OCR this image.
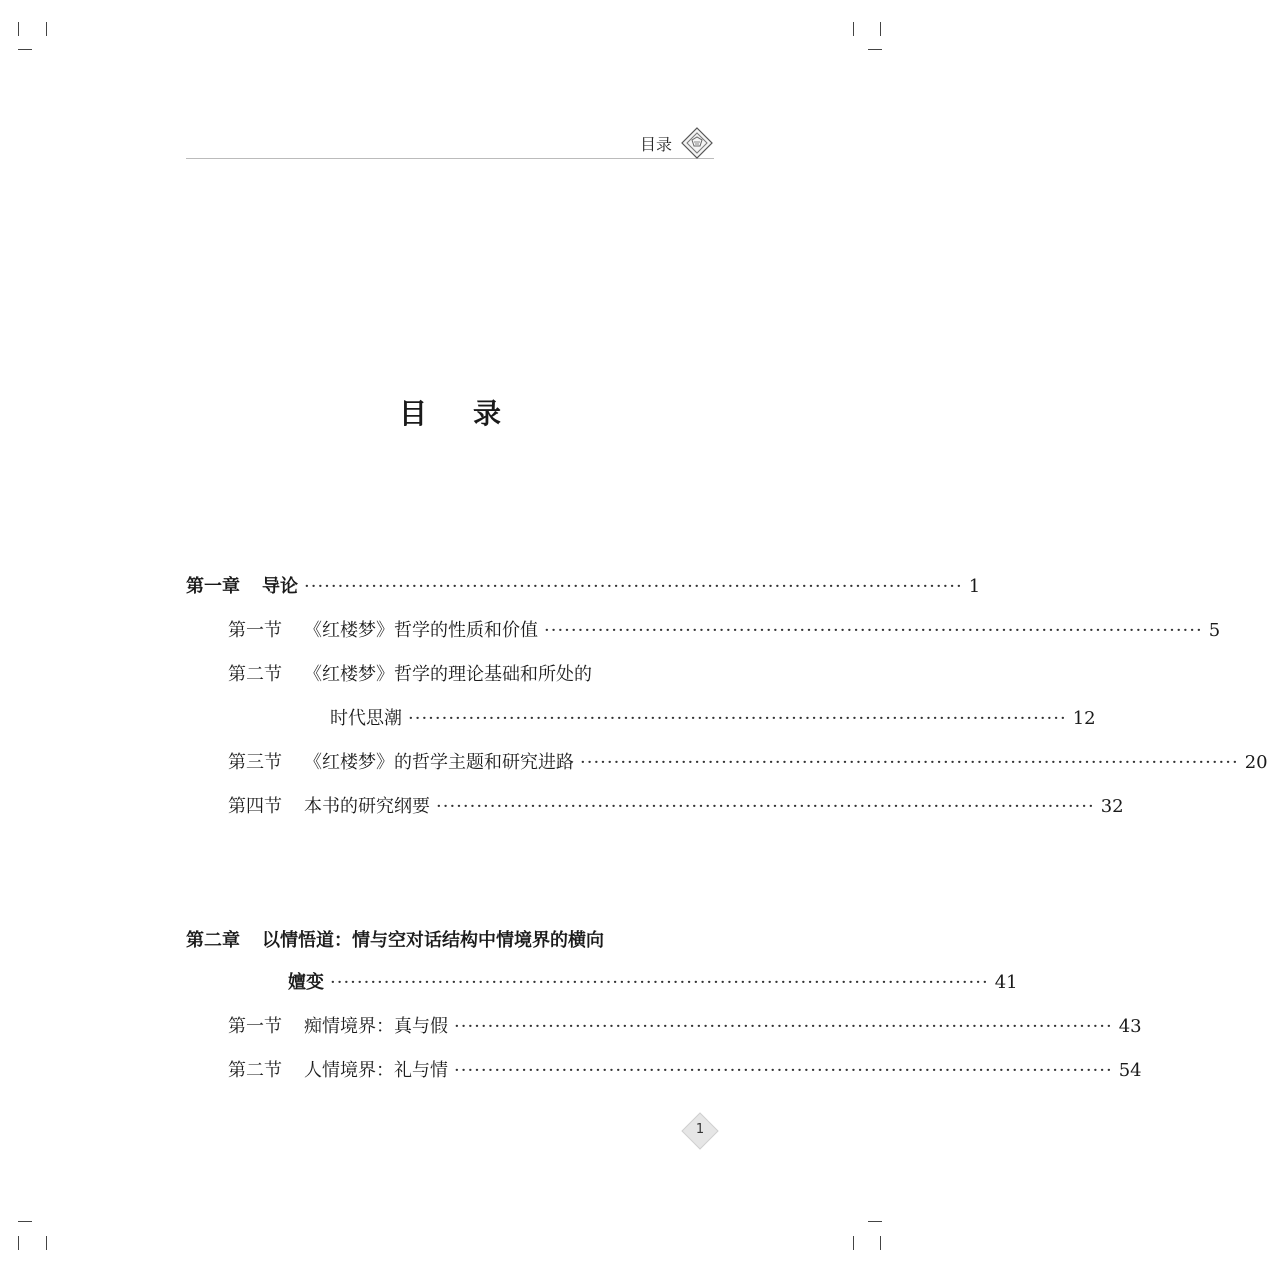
目录
目录
第一章 导论 ·································································································· 1
第一节 《红楼梦》哲学的性质和价值 ·································································································· 5
第二节 《红楼梦》哲学的理论基础和所处的
时代思潮 ·································································································· 12
第三节 《红楼梦》的哲学主题和研究进路 ·································································································· 20
第四节 本书的研究纲要 ·································································································· 32
第二章 以情悟道：情与空对话结构中情境界的横向
嬗变 ·································································································· 41
第一节 痴情境界：真与假 ·································································································· 43
第二节 人情境界：礼与情 ·································································································· 54
1
